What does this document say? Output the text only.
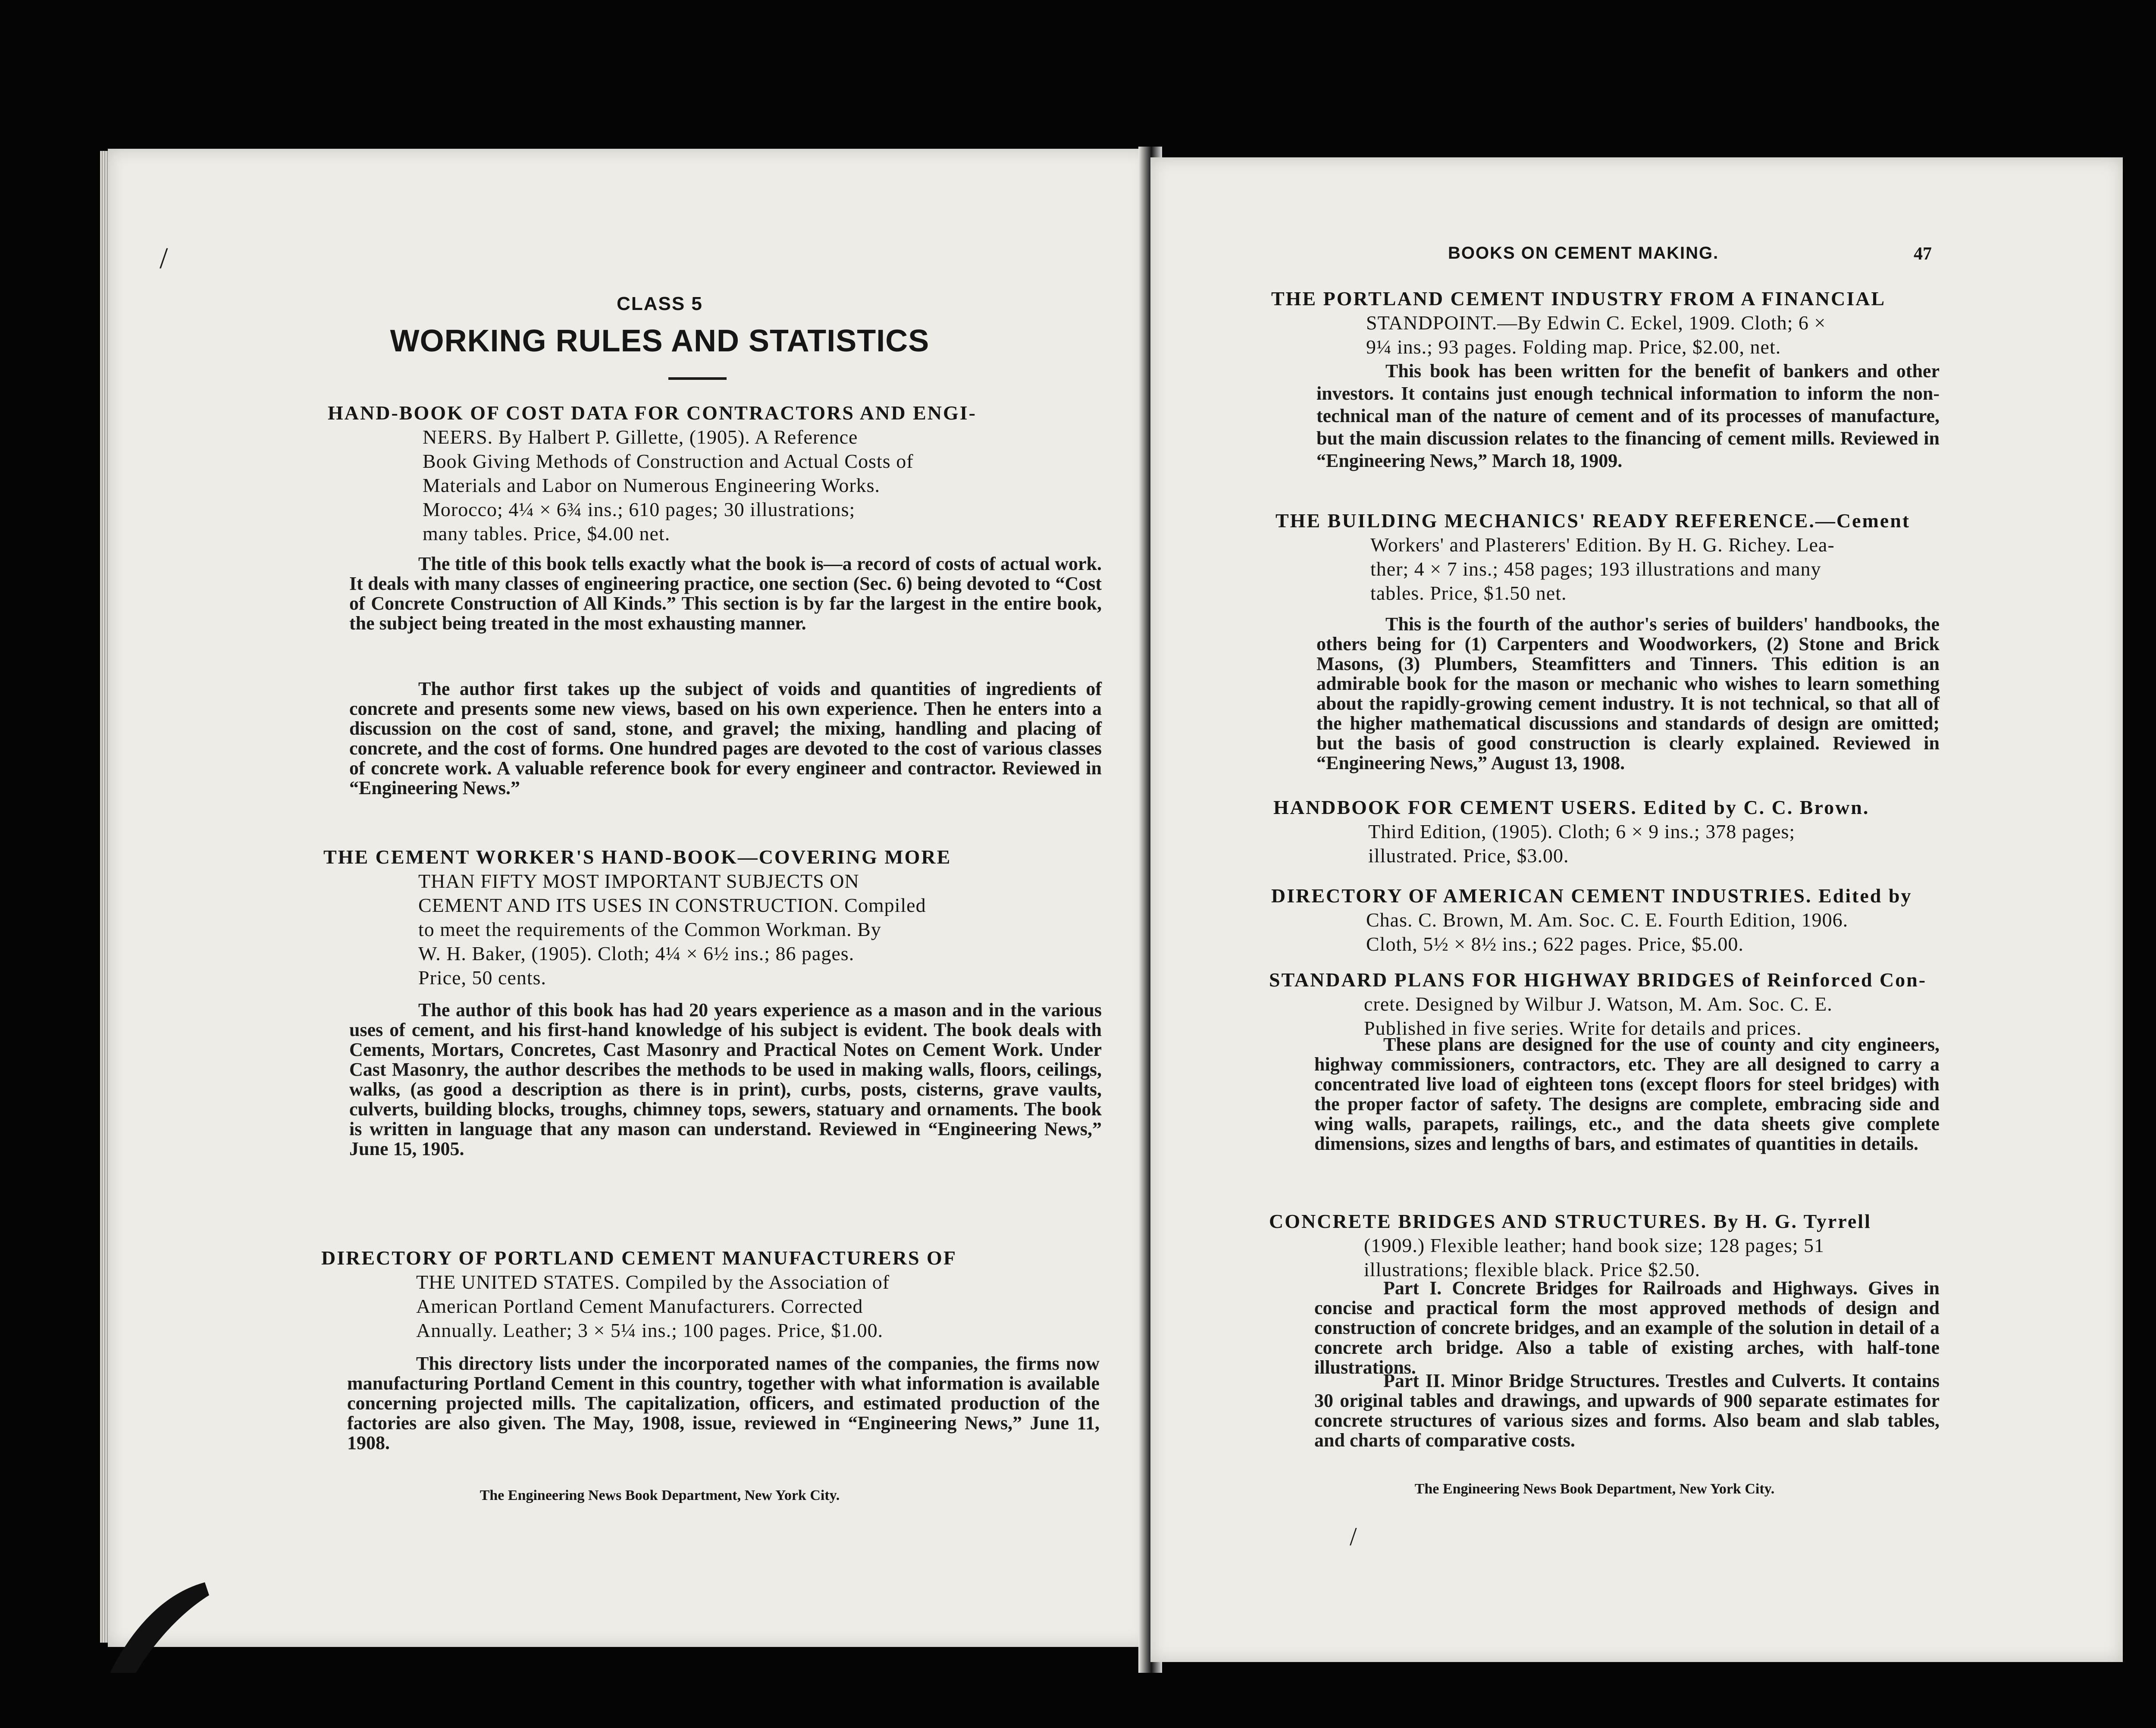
CLASS 5
WORKING RULES AND STATISTICS
HAND-BOOK OF COST DATA FOR CONTRACTORS AND ENGI-
NEERS. By Halbert P. Gillette, (1905). A Reference
Book Giving Methods of Construction and Actual Costs of
Materials and Labor on Numerous Engineering Works.
Morocco; 4¼ × 6¾ ins.; 610 pages; 30 illustrations;
many tables. Price, $4.00 net.
The title of this book tells exactly what the book is—a record of costs of actual work. It deals with many classes of engineering practice, one section (Sec. 6) being devoted to “Cost of Concrete Construction of All Kinds.” This section is by far the largest in the entire book, the subject being treated in the most exhausting manner.
The author first takes up the subject of voids and quantities of ingredients of concrete and presents some new views, based on his own experience. Then he enters into a discussion on the cost of sand, stone, and gravel; the mixing, handling and placing of concrete, and the cost of forms. One hundred pages are devoted to the cost of various classes of concrete work. A valuable reference book for every engineer and contractor. Reviewed in “Engineering News.”
THE CEMENT WORKER'S HAND-BOOK—COVERING MORE
THAN FIFTY MOST IMPORTANT SUBJECTS ON
CEMENT AND ITS USES IN CONSTRUCTION. Compiled
to meet the requirements of the Common Workman. By
W. H. Baker, (1905). Cloth; 4¼ × 6½ ins.; 86 pages.
Price, 50 cents.
The author of this book has had 20 years experience as a mason and in the various uses of cement, and his first-hand knowledge of his subject is evident. The book deals with Cements, Mortars, Concretes, Cast Masonry and Practical Notes on Cement Work. Under Cast Masonry, the author describes the methods to be used in making walls, floors, ceilings, walks, (as good a description as there is in print), curbs, posts, cisterns, grave vaults, culverts, building blocks, troughs, chimney tops, sewers, statuary and ornaments. The book is written in language that any mason can understand. Reviewed in “Engineering News,” June 15, 1905.
DIRECTORY OF PORTLAND CEMENT MANUFACTURERS OF
THE UNITED STATES. Compiled by the Association of
American Portland Cement Manufacturers. Corrected
Annually. Leather; 3 × 5¼ ins.; 100 pages. Price, $1.00.
This directory lists under the incorporated names of the companies, the firms now manufacturing Portland Cement in this country, together with what information is available concerning projected mills. The capitalization, officers, and estimated production of the factories are also given. The May, 1908, issue, reviewed in “Engineering News,” June 11, 1908.
The Engineering News Book Department, New York City.
BOOKS ON CEMENT MAKING.	47
THE PORTLAND CEMENT INDUSTRY FROM A FINANCIAL
STANDPOINT.—By Edwin C. Eckel, 1909. Cloth; 6 ×
9¼ ins.; 93 pages. Folding map. Price, $2.00, net.
This book has been written for the benefit of bankers and other investors. It contains just enough technical information to inform the non-technical man of the nature of cement and of its processes of manufacture, but the main discussion relates to the financing of cement mills. Reviewed in “Engineering News,” March 18, 1909.
THE BUILDING MECHANICS' READY REFERENCE.—Cement
Workers' and Plasterers' Edition. By H. G. Richey. Lea-
ther; 4 × 7 ins.; 458 pages; 193 illustrations and many
tables. Price, $1.50 net.
This is the fourth of the author's series of builders' handbooks, the others being for (1) Carpenters and Woodworkers, (2) Stone and Brick Masons, (3) Plumbers, Steamfitters and Tinners. This edition is an admirable book for the mason or mechanic who wishes to learn something about the rapidly-growing cement industry. It is not technical, so that all of the higher mathematical discussions and standards of design are omitted; but the basis of good construction is clearly explained. Reviewed in “Engineering News,” August 13, 1908.
HANDBOOK FOR CEMENT USERS. Edited by C. C. Brown.
Third Edition, (1905). Cloth; 6 × 9 ins.; 378 pages;
illustrated. Price, $3.00.
DIRECTORY OF AMERICAN CEMENT INDUSTRIES. Edited by
Chas. C. Brown, M. Am. Soc. C. E. Fourth Edition, 1906.
Cloth, 5½ × 8½ ins.; 622 pages. Price, $5.00.
STANDARD PLANS FOR HIGHWAY BRIDGES of Reinforced Con-
crete. Designed by Wilbur J. Watson, M. Am. Soc. C. E.
Published in five series. Write for details and prices.
These plans are designed for the use of county and city engineers, highway commissioners, contractors, etc. They are all designed to carry a concentrated live load of eighteen tons (except floors for steel bridges) with the proper factor of safety. The designs are complete, embracing side and wing walls, parapets, railings, etc., and the data sheets give complete dimensions, sizes and lengths of bars, and estimates of quantities in details.
CONCRETE BRIDGES AND STRUCTURES. By H. G. Tyrrell
(1909.) Flexible leather; hand book size; 128 pages; 51
illustrations; flexible black. Price $2.50.
Part I. Concrete Bridges for Railroads and Highways. Gives in concise and practical form the most approved methods of design and construction of concrete bridges, and an example of the solution in detail of a concrete arch bridge. Also a table of existing arches, with half-tone illustrations.
Part II. Minor Bridge Structures. Trestles and Culverts. It contains 30 original tables and drawings, and upwards of 900 separate estimates for concrete structures of various sizes and forms. Also beam and slab tables, and charts of comparative costs.
The Engineering News Book Department, New York City.
/
/
